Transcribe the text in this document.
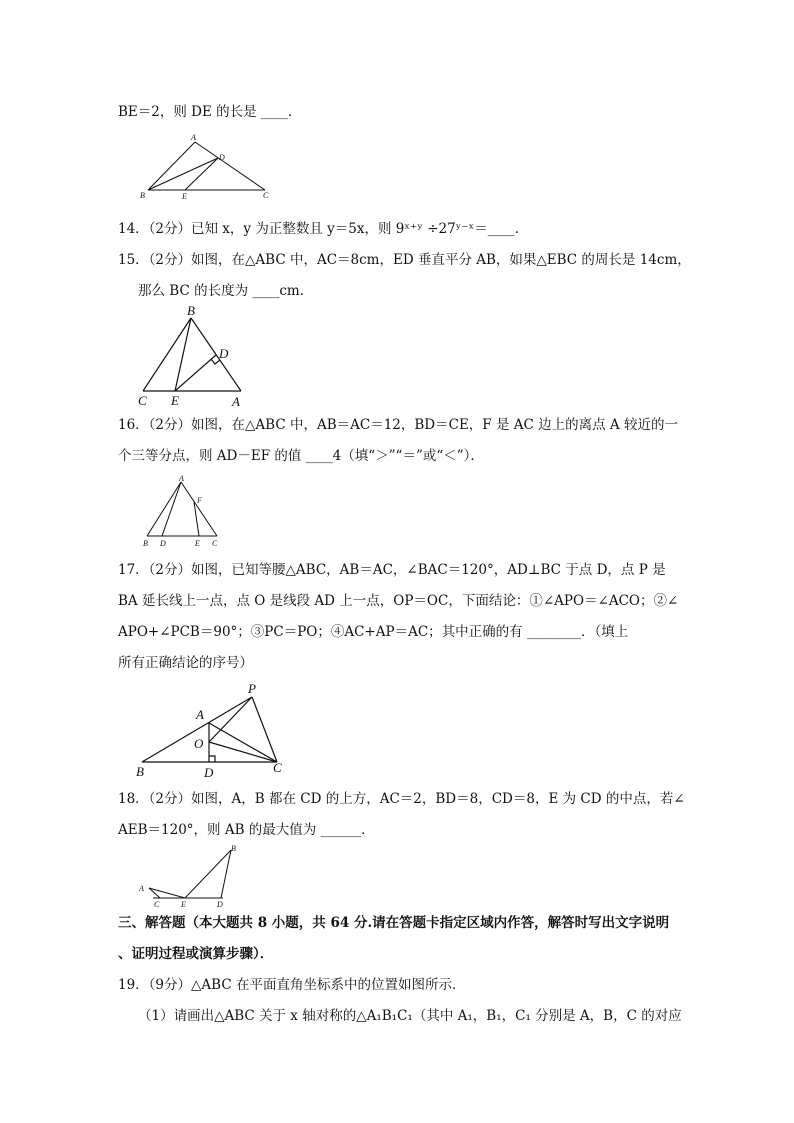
BE＝2，则 DE 的长是 ____．
A
D
B	E	C
14．（2分）已知 x，y 为正整数且 y＝5x，则 9ˣ⁺ʸ ÷27ʸ⁻ˣ＝____．
15．（2分）如图，在△ABC 中，AC＝8cm，ED 垂直平分 AB，如果△EBC 的周长是 14cm，
那么 BC 的长度为 ____cm．
B
D
C E	A
16．（2分）如图，在△ABC 中，AB＝AC＝12，BD＝CE，F 是 AC 边上的离点 A 较近的一
个三等分点，则 AD－EF 的值 ____4（填“＞”“＝”或“＜”）．
A
F
B D	E C
17．（2分）如图，已知等腰△ABC，AB＝AC，∠BAC＝120°，AD⊥BC 于点 D，点 P 是
BA 延长线上一点，点 O 是线段 AD 上一点，OP＝OC，下面结论：①∠APO＝∠ACO；②∠
APO+∠PCB＝90°；③PC＝PO；④AC+AP＝AC；其中正确的有 ________．（填上
所有正确结论的序号）
P
A
O
B	D	C
18．（2分）如图，A，B 都在 CD 的上方，AC＝2，BD＝8，CD＝8，E 为 CD 的中点，若∠
AEB＝120°，则 AB 的最大值为 ______．
B
A
C	E	D
三、解答题（本大题共 8 小题，共 64 分.请在答题卡指定区域内作答，解答时写出文字说明
、证明过程或演算步骤）．
19．（9分）△ABC 在平面直角坐标系中的位置如图所示．
（1）请画出△ABC 关于 x 轴对称的△A₁B₁C₁（其中 A₁，B₁，C₁ 分别是 A，B，C 的对应
